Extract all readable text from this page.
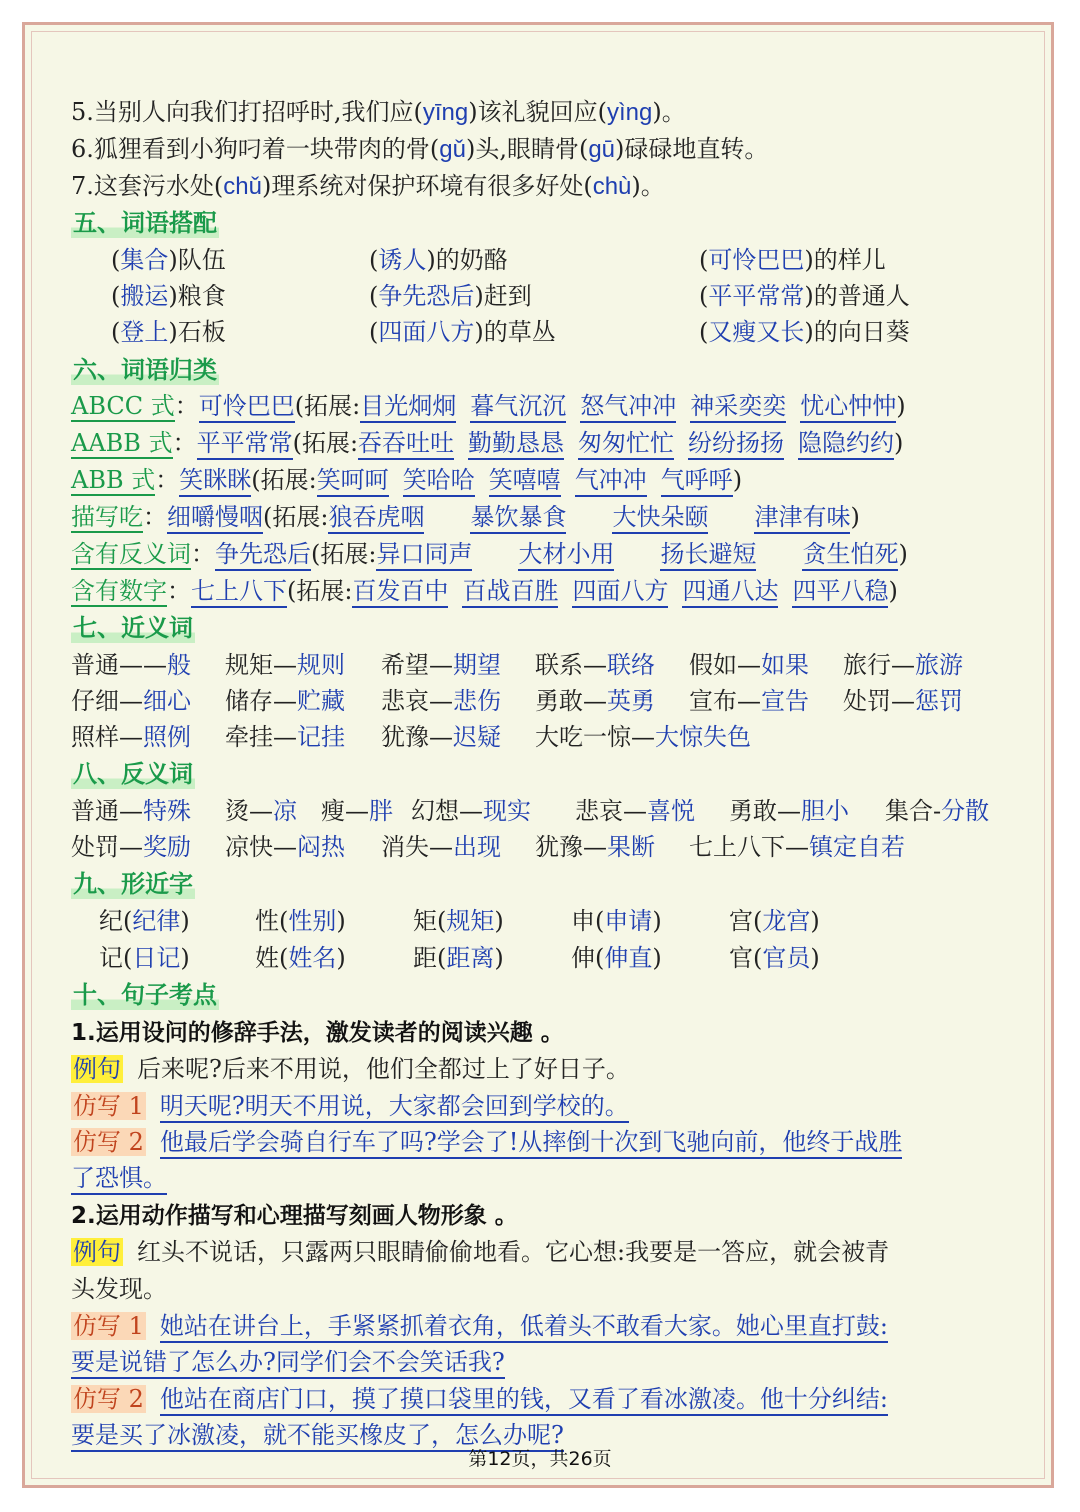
5.当别人向我们打招呼时,我们应(yīng)该礼貌回应(yìng)。
6.狐狸看到小狗叼着一块带肉的骨(gǔ)头,眼睛骨(gū)碌碌地直转。
7.这套污水处(chǔ)理系统对保护环境有很多好处(chù)。
五、词语搭配
(集合)队伍	(诱人)的奶酪	(可怜巴巴)的样儿
(搬运)粮食	(争先恐后)赶到	(平平常常)的普通人
(登上)石板	(四面八方)的草丛	(又瘦又长)的向日葵
六、词语归类
ABCC 式：可怜巴巴(拓展:目光炯炯 暮气沉沉 怒气冲冲 神采奕奕 忧心忡忡)
AABB 式：平平常常(拓展:吞吞吐吐 勤勤恳恳 匆匆忙忙 纷纷扬扬 隐隐约约)
ABB 式：笑眯眯(拓展:笑呵呵 笑哈哈 笑嘻嘻 气冲冲 气呼呼)
描写吃：细嚼慢咽(拓展:狼吞虎咽 暴饮暴食 大快朵颐 津津有味)
含有反义词：争先恐后(拓展:异口同声 大材小用 扬长避短 贪生怕死)
含有数字：七上八下(拓展:百发百中 百战百胜 四面八方 四通八达 四平八稳)
七、近义词
普通——般 规矩—规则 希望—期望 联系—联络 假如—如果 旅行—旅游
仔细—细心 储存—贮藏 悲哀—悲伤 勇敢—英勇 宣布—宣告 处罚—惩罚
照样—照例 牵挂—记挂 犹豫—迟疑 大吃一惊—大惊失色
八、反义词
普通—特殊 烫—凉 瘦—胖 幻想—现实 悲哀—喜悦 勇敢—胆小 集合-分散
处罚—奖励 凉快—闷热 消失—出现 犹豫—果断 七上八下—镇定自若
九、形近字
纪(纪律)	性(性别)	矩(规矩)	申(申请)	宫(龙宫)
记(日记)	姓(姓名)	距(距离)	伸(伸直)	官(官员)
十、句子考点
1.运用设问的修辞手法，激发读者的阅读兴趣 。
例句 后来呢?后来不用说，他们全都过上了好日子。
仿写 1 明天呢?明天不用说，大家都会回到学校的。
仿写 2 他最后学会骑自行车了吗?学会了!从摔倒十次到飞驰向前，他终于战胜
了恐惧。
2.运用动作描写和心理描写刻画人物形象 。
例句 红头不说话，只露两只眼睛偷偷地看。它心想:我要是一答应，就会被青
头发现。
仿写 1 她站在讲台上，手紧紧抓着衣角，低着头不敢看大家。她心里直打鼓:
要是说错了怎么办?同学们会不会笑话我?
仿写 2 他站在商店门口，摸了摸口袋里的钱，又看了看冰激凌。他十分纠结:
要是买了冰激凌，就不能买橡皮了，怎么办呢?
第12页，共26页
